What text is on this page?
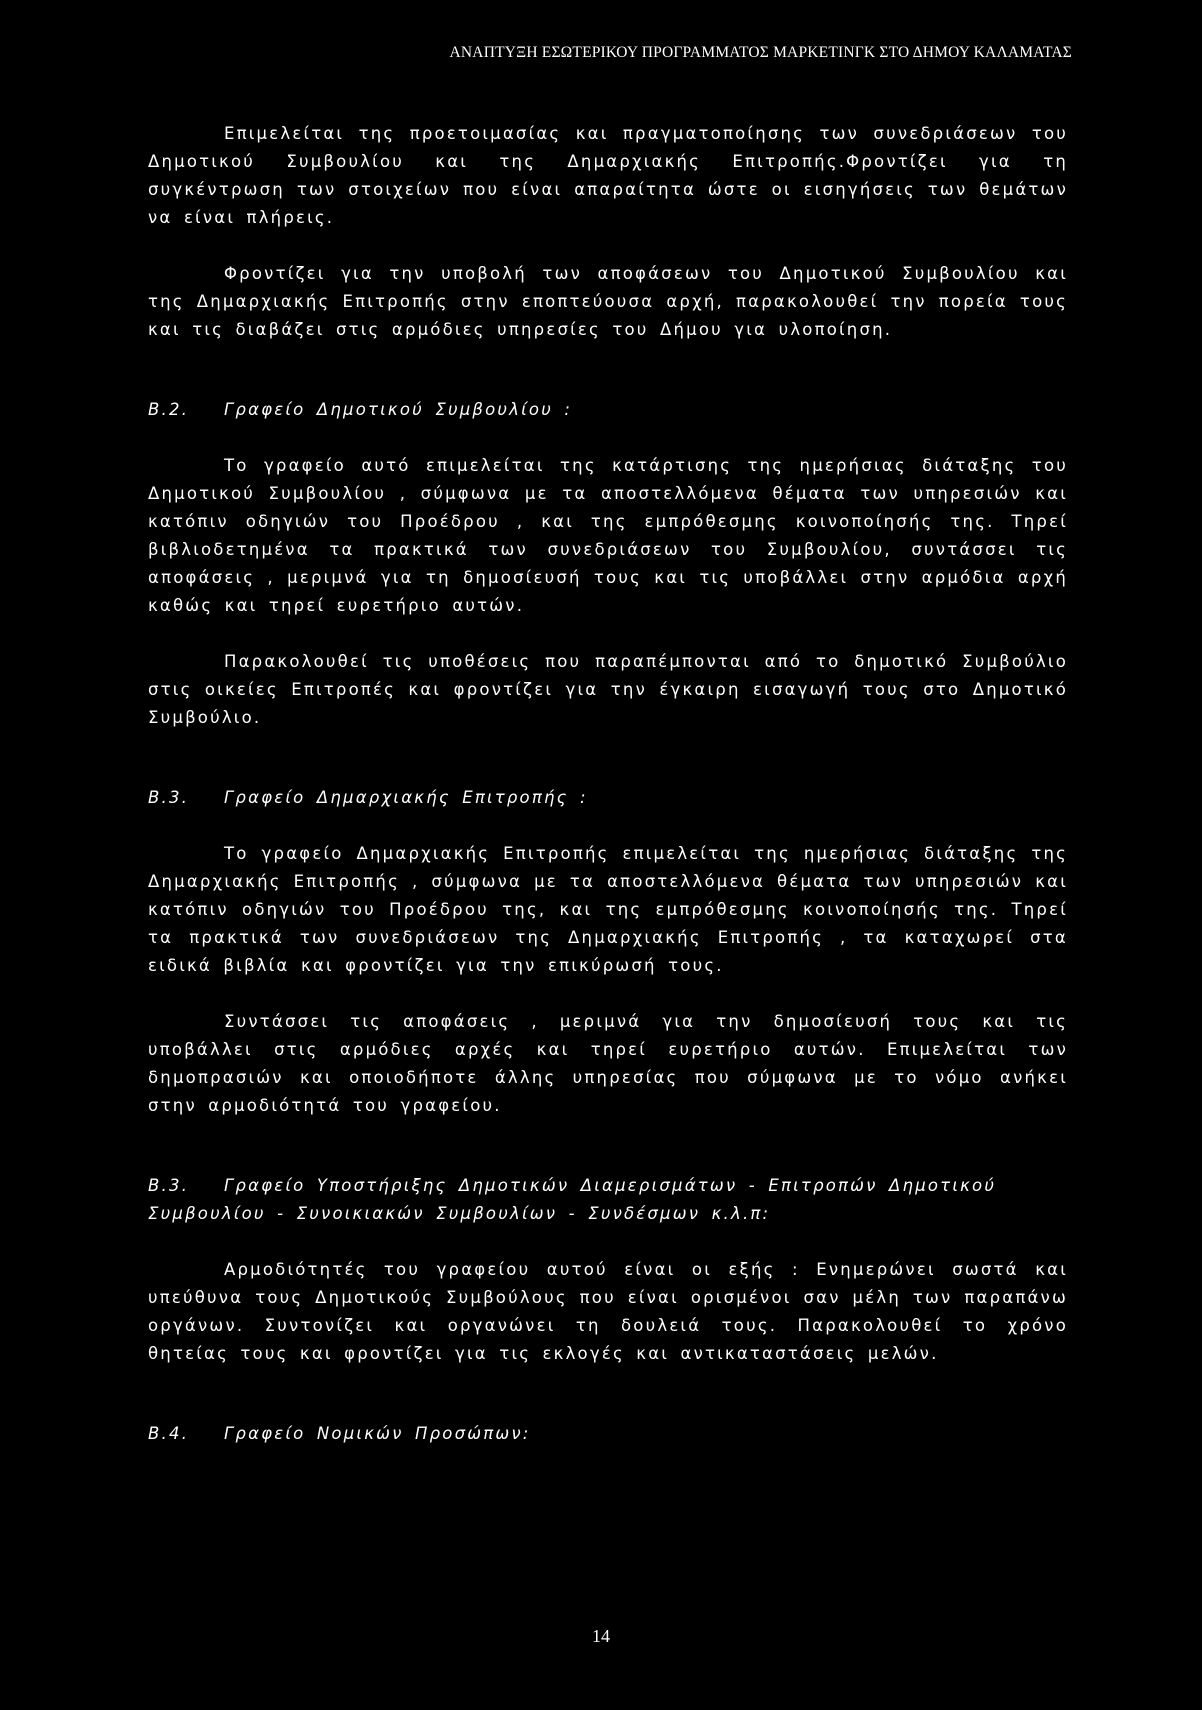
ΑΝΑΠΤΥΞΗ ΕΣΩΤΕΡΙΚΟΥ ΠΡΟΓΡΑΜΜΑΤΟΣ ΜΑΡΚΕΤΙΝΓΚ ΣΤΟ ΔΗΜΟΥ ΚΑΛΑΜΑΤΑΣ

Επιμελείται της προετοιμασίας και πραγματοποίησης των συνεδριάσεων του Δημοτικού Συμβουλίου και της Δημαρχιακής Επιτροπής.Φροντίζει για τη συγκέντρωση των στοιχείων που είναι απαραίτητα ώστε οι εισηγήσεις των θεμάτων να είναι πλήρεις.

Φροντίζει για την υποβολή των αποφάσεων του Δημοτικού Συμβουλίου και της Δημαρχιακής Επιτροπής στην εποπτεύουσα αρχή, παρακολουθεί την πορεία τους και τις διαβάζει στις αρμόδιες υπηρεσίες του Δήμου για υλοποίηση.

Β.2. Γραφείο Δημοτικού Συμβουλίου :

Το γραφείο αυτό επιμελείται της κατάρτισης της ημερήσιας διάταξης του Δημοτικού Συμβουλίου , σύμφωνα με τα αποστελλόμενα θέματα των υπηρεσιών και κατόπιν οδηγιών του Προέδρου , και της εμπρόθεσμης κοινοποίησής της. Τηρεί βιβλιοδετημένα τα πρακτικά των συνεδριάσεων του Συμβουλίου, συντάσσει τις αποφάσεις , μεριμνά για τη δημοσίευσή τους και τις υποβάλλει στην αρμόδια αρχή καθώς και τηρεί ευρετήριο αυτών.

Παρακολουθεί τις υποθέσεις που παραπέμπονται από το δημοτικό Συμβούλιο στις οικείες Επιτροπές και φροντίζει για την έγκαιρη εισαγωγή τους στο Δημοτικό Συμβούλιο.

Β.3. Γραφείο Δημαρχιακής Επιτροπής :

Το γραφείο Δημαρχιακής Επιτροπής επιμελείται της ημερήσιας διάταξης της Δημαρχιακής Επιτροπής , σύμφωνα με τα αποστελλόμενα θέματα των υπηρεσιών και κατόπιν οδηγιών του Προέδρου της, και της εμπρόθεσμης κοινοποίησής της. Τηρεί τα πρακτικά των συνεδριάσεων της Δημαρχιακής Επιτροπής , τα καταχωρεί στα ειδικά βιβλία και φροντίζει για την επικύρωσή τους.

Συντάσσει τις αποφάσεις , μεριμνά για την δημοσίευσή τους και τις υποβάλλει στις αρμόδιες αρχές και τηρεί ευρετήριο αυτών. Επιμελείται των δημοπρασιών και οποιοδήποτε άλλης υπηρεσίας που σύμφωνα με το νόμο ανήκει στην αρμοδιότητά του γραφείου.

Β.3. Γραφείο Υποστήριξης Δημοτικών Διαμερισμάτων - Επιτροπών Δημοτικού Συμβουλίου - Συνοικιακών Συμβουλίων - Συνδέσμων κ.λ.π:

Αρμοδιότητές του γραφείου αυτού είναι οι εξής : Ενημερώνει σωστά και υπεύθυνα τους Δημοτικούς Συμβούλους που είναι ορισμένοι σαν μέλη των παραπάνω οργάνων. Συντονίζει και οργανώνει τη δουλειά τους. Παρακολουθεί το χρόνο θητείας τους και φροντίζει για τις εκλογές και αντικαταστάσεις μελών.

Β.4. Γραφείο Νομικών Προσώπων:

14
